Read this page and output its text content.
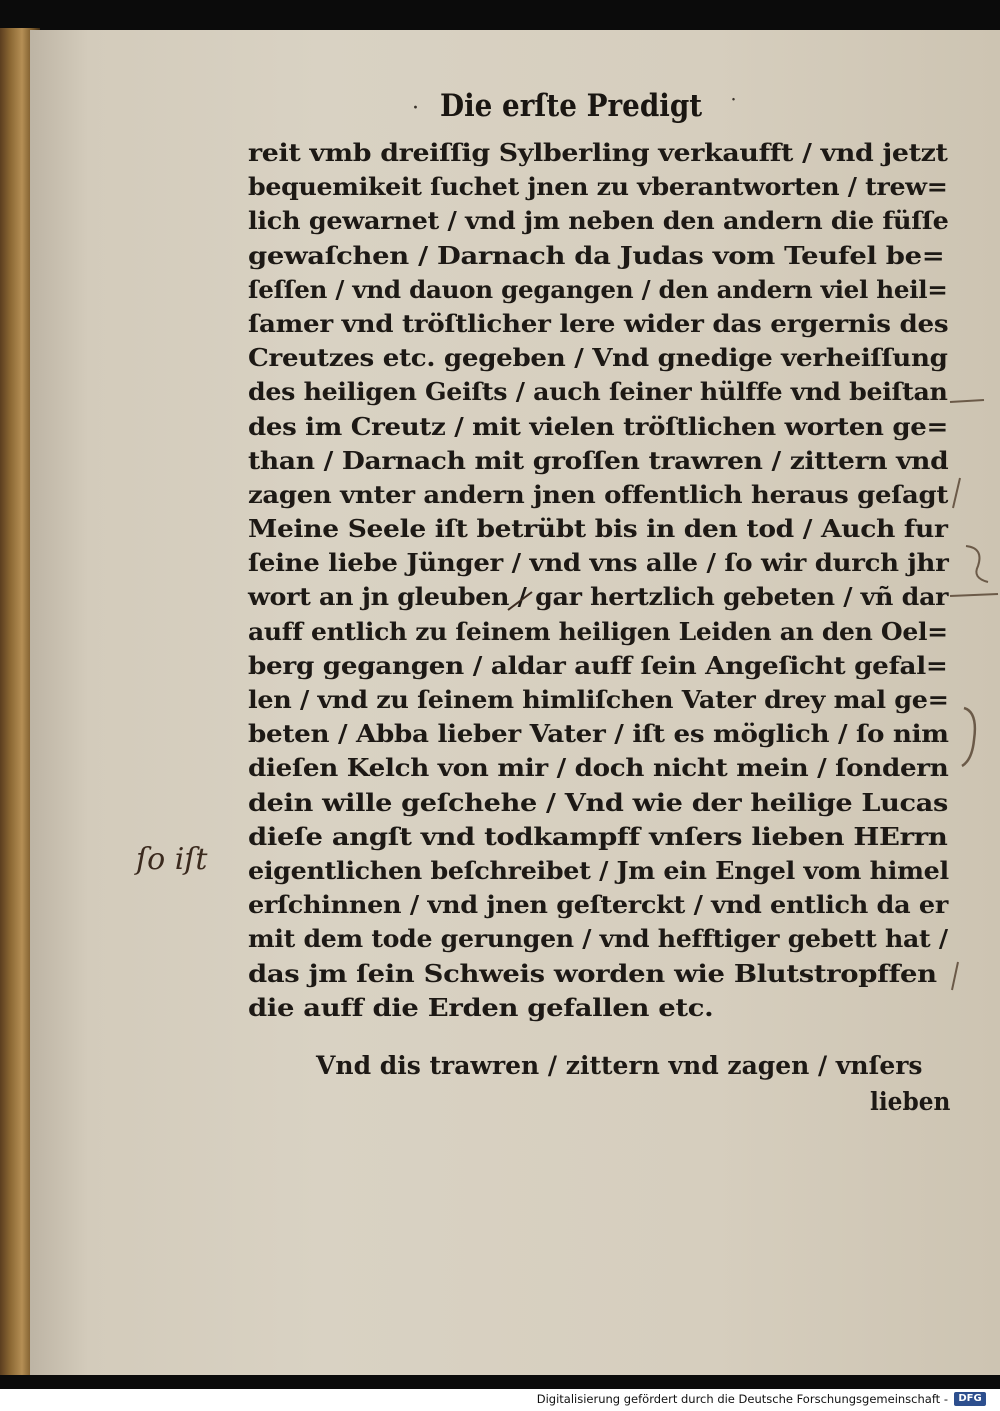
· Die erſte Predigt ˙
reit vmb dreiſſig Sylberling verkaufft / vnd jetzt
bequemikeit ſuchet jnen zu vberantworten / trew=
lich gewarnet / vnd jm neben den andern die füſſe
gewaſchen / Darnach da Judas vom Teufel be=
ſeſſen / vnd dauon gegangen / den andern viel heil=
ſamer vnd tröſtlicher lere wider das ergernis des
Creutzes etc. gegeben / Vnd gnedige verheiſſung
des heiligen Geiſts / auch ſeiner hülffe vnd beiſtan
des im Creutz / mit vielen tröſtlichen worten ge=
than / Darnach mit groſſen trawren / zittern vnd
zagen vnter andern jnen offentlich heraus geſagt
Meine Seele iſt betrübt bis in den tod / Auch fur
ſeine liebe Jünger / vnd vns alle / ſo wir durch jhr
wort an jn gleuben / gar hertzlich gebeten / vñ dar
auff entlich zu ſeinem heiligen Leiden an den Oel=
berg gegangen / aldar auff ſein Angeſicht gefal=
len / vnd zu ſeinem himliſchen Vater drey mal ge=
beten / Abba lieber Vater / iſt es möglich / ſo nim
dieſen Kelch von mir / doch nicht mein / ſondern
dein wille geſchehe / Vnd wie der heilige Lucas
dieſe angſt vnd todkampff vnſers lieben HErrn
eigentlichen beſchreibet / Jm ein Engel vom himel
erſchinnen / vnd jnen geſterckt / vnd entlich da er
mit dem tode gerungen / vnd hefftiger gebett hat /
das jm ſein Schweis worden wie Blutstropffen
die auff die Erden gefallen etc.
Vnd dis trawren / zittern vnd zagen / vnſers
lieben
ſo iſt
Digitalisierung gefördert durch die Deutsche Forschungsgemeinschaft -	DFG
